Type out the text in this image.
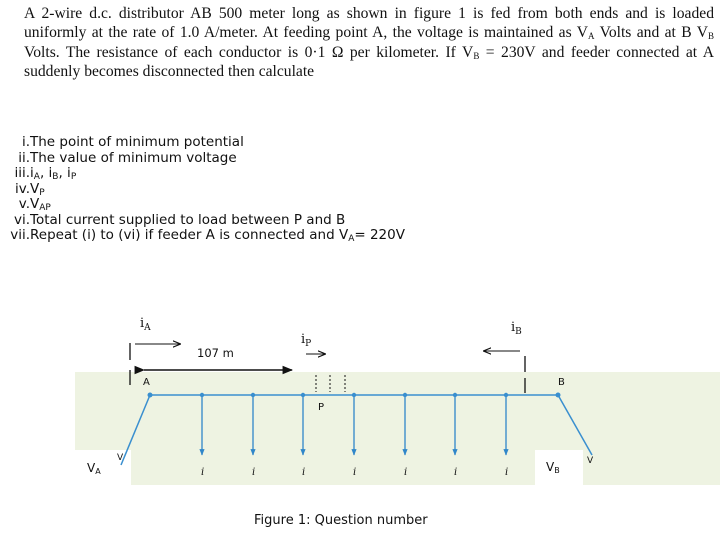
A 2-wire d.c. distributor AB 500 meter long as shown in figure 1 is fed from both ends and is loaded uniformly at the rate of 1.0 A/meter. At feeding point A, the voltage is maintained as $V_A$ Volts and at B $V_B$ Volts. The resistance of each conductor is 0·1 Ω per kilometer. If $V_B = 230V$ and feeder connected at A suddenly becomes disconnected then calculate
i.The point of minimum potential
ii.The value of minimum voltage
$iii.i_A$, $i_B$, $i_P$
$iv.V_P$
$v.V_{AP}$
vi.Total current supplied to load between P and B
vii.Repeat (i) to (vi) if feeder A is connected and $V_A= 220V$
i	i	i	i	i	i	i
$i_A$
107 m
$i_P$
$i_B$
A	B
P
V	V
VA	VB
Figure 1: Question number
